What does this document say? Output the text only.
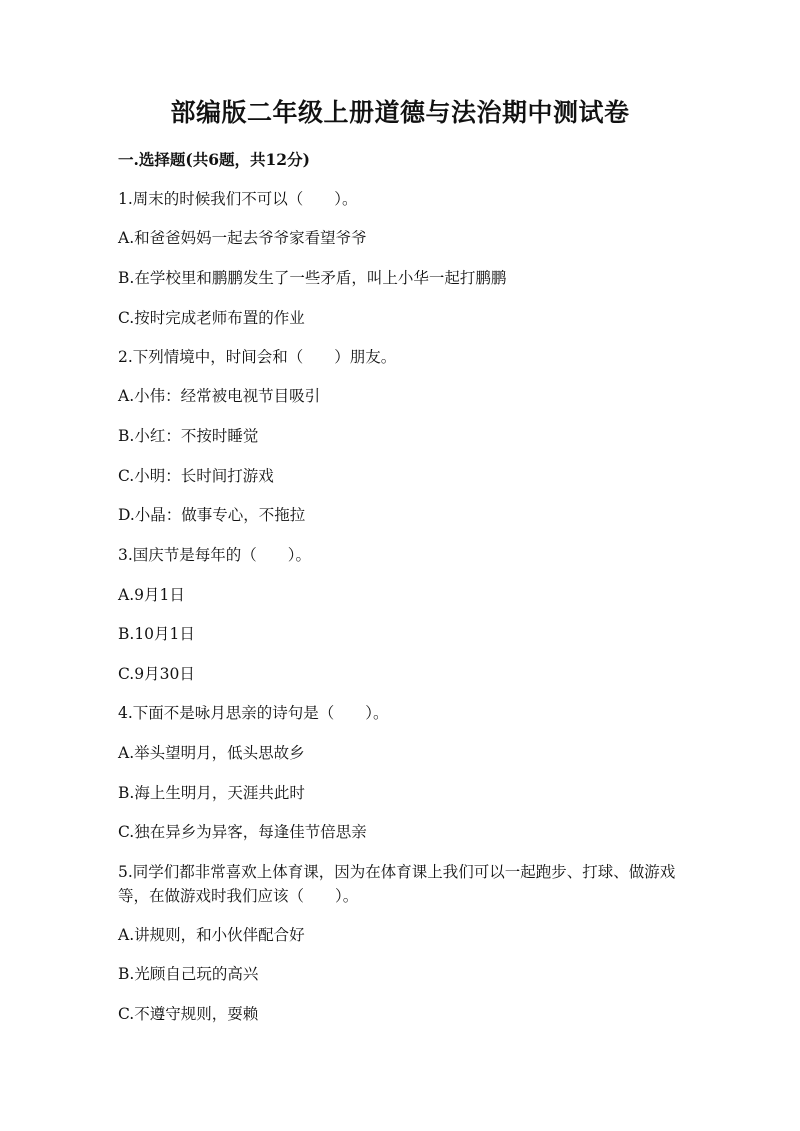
部编版二年级上册道德与法治期中测试卷
一.选择题(共6题，共12分)
1.周末的时候我们不可以（　　）。
A.和爸爸妈妈一起去爷爷家看望爷爷
B.在学校里和鹏鹏发生了一些矛盾，叫上小华一起打鹏鹏
C.按时完成老师布置的作业
2.下列情境中，时间会和（　　）朋友。
A.小伟：经常被电视节目吸引
B.小红：不按时睡觉
C.小明：长时间打游戏
D.小晶：做事专心，不拖拉
3.国庆节是每年的（　　）。
A.9月1日
B.10月1日
C.9月30日
4.下面不是咏月思亲的诗句是（　　）。
A.举头望明月，低头思故乡
B.海上生明月，天涯共此时
C.独在异乡为异客，每逢佳节倍思亲
5.同学们都非常喜欢上体育课，因为在体育课上我们可以一起跑步、打球、做游戏等，在做游戏时我们应该（　　）。
A.讲规则，和小伙伴配合好
B.光顾自己玩的高兴
C.不遵守规则，耍赖
